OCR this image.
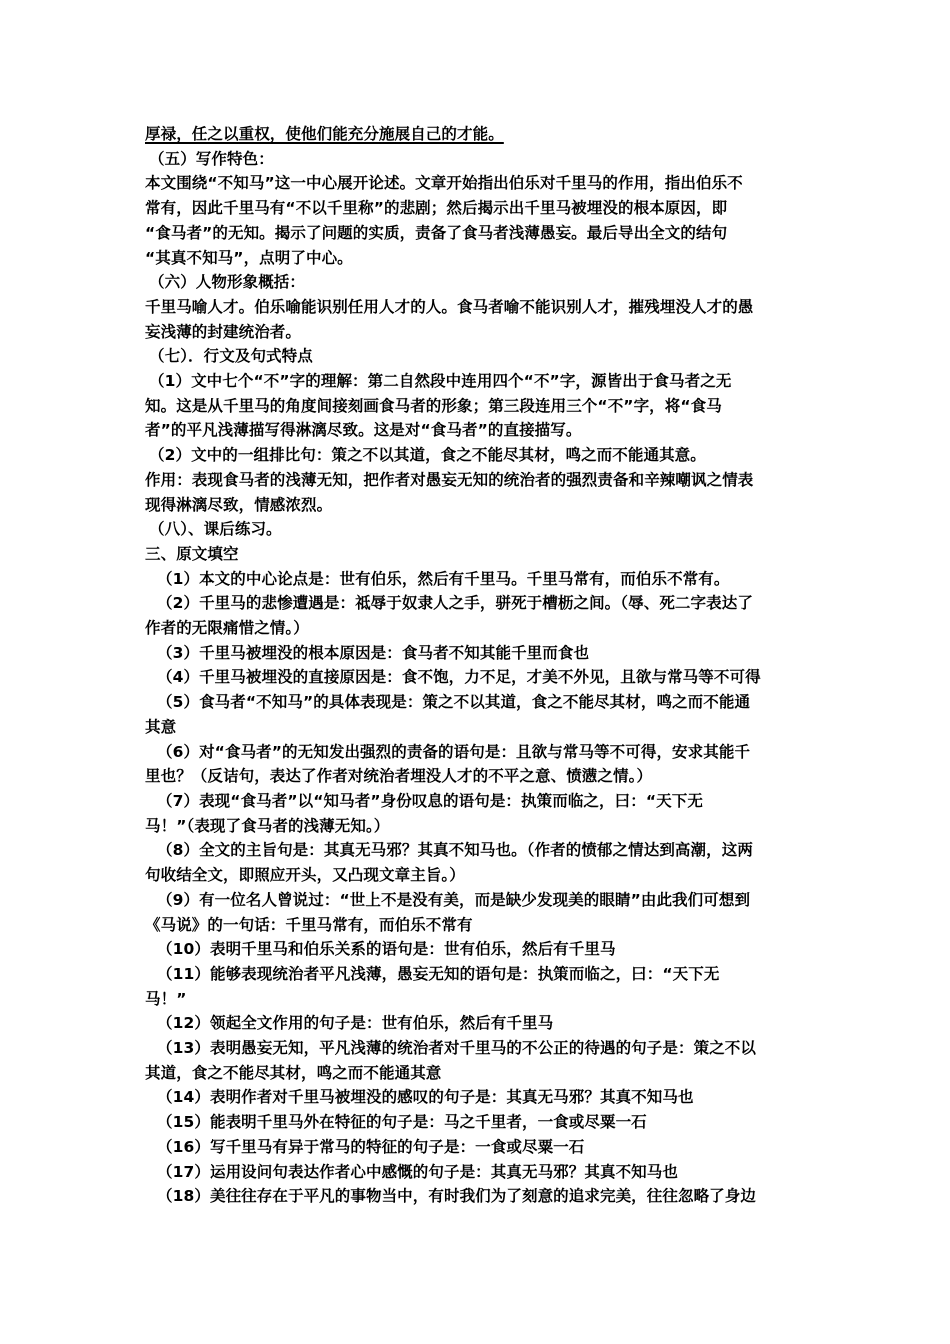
厚禄，任之以重权，使他们能充分施展自己的才能。
（五）写作特色：
本文围绕“不知马”这一中心展开论述。文章开始指出伯乐对千里马的作用，指出伯乐不
常有，因此千里马有“不以千里称”的悲剧；然后揭示出千里马被埋没的根本原因，即
“食马者”的无知。揭示了问题的实质，责备了食马者浅薄愚妄。最后导出全文的结句
“其真不知马”，点明了中心。
（六）人物形象概括：
千里马喻人才。伯乐喻能识别任用人才的人。食马者喻不能识别人才，摧残埋没人才的愚
妄浅薄的封建统治者。
（七）．行文及句式特点
（1）文中七个“不”字的理解：第二自然段中连用四个“不”字，源皆出于食马者之无
知。这是从千里马的角度间接刻画食马者的形象；第三段连用三个“不”字，将“食马
者”的平凡浅薄描写得淋漓尽致。这是对“食马者”的直接描写。
（2）文中的一组排比句：策之不以其道，食之不能尽其材，鸣之而不能通其意。
作用：表现食马者的浅薄无知，把作者对愚妄无知的统治者的强烈责备和辛辣嘲讽之情表
现得淋漓尽致，情感浓烈。
（八）、课后练习。
三、原文填空
（1）本文的中心论点是：世有伯乐，然后有千里马。千里马常有，而伯乐不常有。
（2）千里马的悲惨遭遇是：祗辱于奴隶人之手，骈死于槽枥之间。（辱、死二字表达了
作者的无限痛惜之情。）
（3）千里马被埋没的根本原因是：食马者不知其能千里而食也
（4）千里马被埋没的直接原因是：食不饱，力不足，才美不外见，且欲与常马等不可得
（5）食马者“不知马”的具体表现是：策之不以其道，食之不能尽其材，鸣之而不能通
其意
（6）对“食马者”的无知发出强烈的责备的语句是：且欲与常马等不可得，安求其能千
里也？（反诘句，表达了作者对统治者埋没人才的不平之意、愤懑之情。）
（7）表现“食马者”以“知马者”身份叹息的语句是：执策而临之，曰：“天下无
马！”（表现了食马者的浅薄无知。）
（8）全文的主旨句是：其真无马邪？其真不知马也。（作者的愤郁之情达到高潮，这两
句收结全文，即照应开头，又凸现文章主旨。）
（9）有一位名人曾说过：“世上不是没有美，而是缺少发现美的眼睛”由此我们可想到
《马说》的一句话：千里马常有，而伯乐不常有
（10）表明千里马和伯乐关系的语句是：世有伯乐，然后有千里马
（11）能够表现统治者平凡浅薄，愚妄无知的语句是：执策而临之，曰：“天下无
马！”
（12）领起全文作用的句子是：世有伯乐，然后有千里马
（13）表明愚妄无知，平凡浅薄的统治者对千里马的不公正的待遇的句子是：策之不以
其道，食之不能尽其材，鸣之而不能通其意
（14）表明作者对千里马被埋没的感叹的句子是：其真无马邪？其真不知马也
（15）能表明千里马外在特征的句子是：马之千里者，一食或尽粟一石
（16）写千里马有异于常马的特征的句子是：一食或尽粟一石
（17）运用设问句表达作者心中感慨的句子是：其真无马邪？其真不知马也
（18）美往往存在于平凡的事物当中，有时我们为了刻意的追求完美，往往忽略了身边
